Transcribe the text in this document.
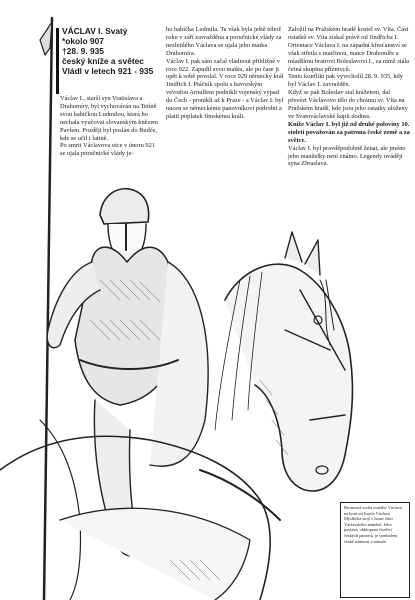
VÁCLAV I. Svatý
*okolo 907
†28. 9. 935
český kníže a světec
Vládl v letech 921 - 935

Václav I., starší syn Vratislava a Drahomíry, byl vychováván na Tetíně svou babičkou Ludmilou, která ho nechala vyučovat slovanským knězem Pavlem. Později byl poslán do Budče, kde se učil i latině.

Po smrti Václavova otce v únoru 921 se ujala poručnické vlády je-

ho babička Ludmila. Ta však byla ještě téhož roku v září zavražděna a poručnické vlády za nezletilého Václava se ujala jeho matka Drahomíra.

Václav I. pak sám začal vládnout přibližně v roce 922. Zapudil svou matku, ale po čase ji opět k sobě povolal. V roce 929 německý král Jindřich I. Ptáčník spolu s bavorským vévodou Arnulfem podnikli vojenský výpad do Čech - pronikli až k Praze - a Václav I. byl nucen se německému panovníkovi podrobit a platit poplatek římskému králi.

Založil na Pražském hradě kostel sv. Víta. Část ostatků sv. Víta získal právě od Jindřicha I.

Orientace Václava I. na západní křesťanství se však střetla s matčinou, matce Drahomíře a mladšímu bratrovi Boleslavovi I., za nímž stála četná skupina příznivců.

Tento konflikt pak vyvrcholil 28. 9. 935, kdy byl Václav I. zavražděn.

Když se pak Boleslav stal knížetem, dal převézt Václavovo tělo do chrámu sv. Víta na Pražském hradě, kde jsou jeho ostatky uloženy ve Svatováclavské kapli dodnes.

Kníže Václav I. byl již od druhé poloviny 10. století považován za patrona české země a za světce.

Václav I. byl pravděpodobně ženat, ale jméno jeho manželky není známo. Legendy uvádějí syna Zbraslava.

Bronzová socha svatého Václava na koni od Josefa Václava Myslbeka stojí v horní části Václavského náměstí. Jeho postava, obklopená čtveřicí českých patronů, je symbolem české státnosti a národa.
